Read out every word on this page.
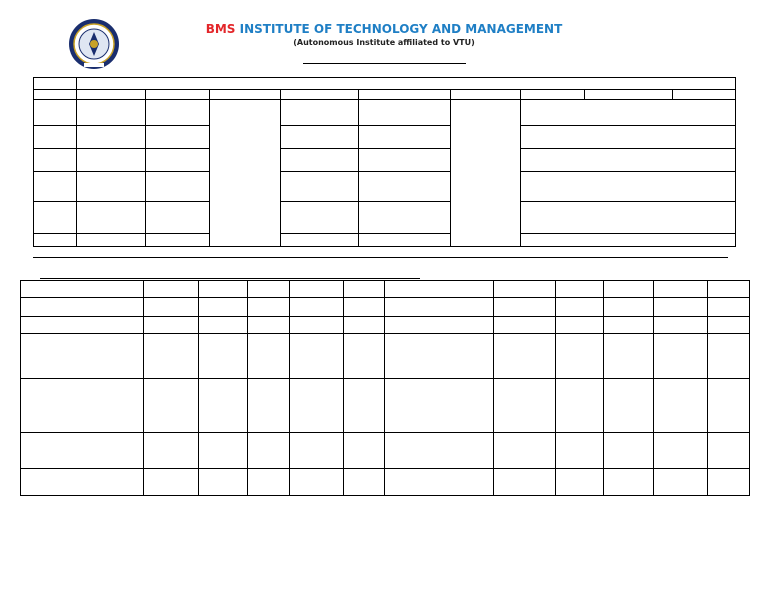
BMS INSTITUTE OF TECHNOLOGY AND MANAGEMENT
(Autonomous Institute affiliated to VTU)
